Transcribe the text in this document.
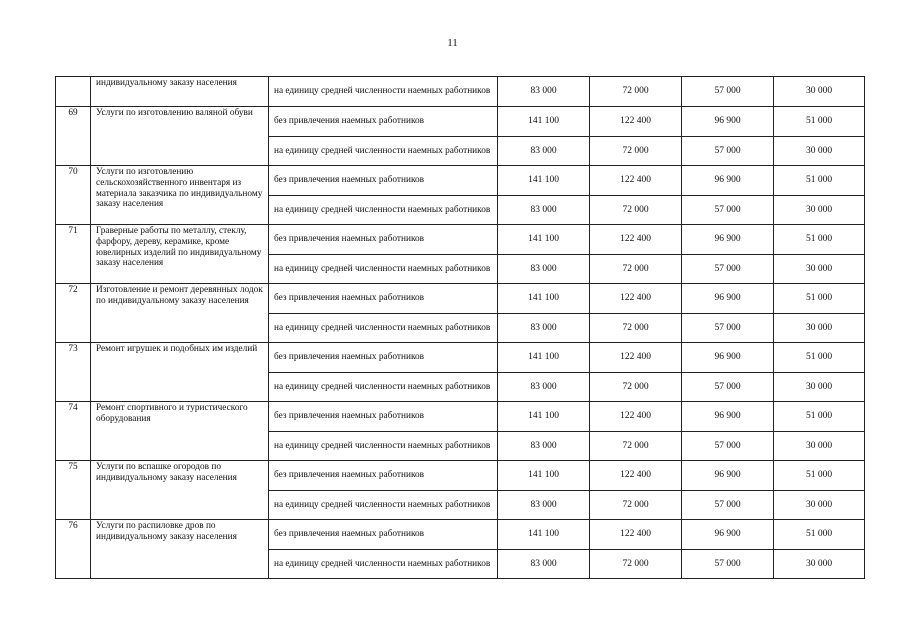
11
	индивидуальному заказу населения	на единицу средней численности наемных работников	83 000	72 000	57 000	30 000
69	Услуги по изготовлению валяной обуви	без привлечения наемных работников	141 100	122 400	96 900	51 000
		на единицу средней численности наемных работников	83 000	72 000	57 000	30 000
70	Услуги по изготовлению сельскохозяйственного инвентаря из материала заказчика по индивидуальному заказу населения	без привлечения наемных работников	141 100	122 400	96 900	51 000
		на единицу средней численности наемных работников	83 000	72 000	57 000	30 000
71	Граверные работы по металлу, стеклу, фарфору, дереву, керамике, кроме ювелирных изделий по индивидуальному заказу населения	без привлечения наемных работников	141 100	122 400	96 900	51 000
		на единицу средней численности наемных работников	83 000	72 000	57 000	30 000
72	Изготовление и ремонт деревянных лодок по индивидуальному заказу населения	без привлечения наемных работников	141 100	122 400	96 900	51 000
		на единицу средней численности наемных работников	83 000	72 000	57 000	30 000
73	Ремонт игрушек и подобных им изделий	без привлечения наемных работников	141 100	122 400	96 900	51 000
		на единицу средней численности наемных работников	83 000	72 000	57 000	30 000
74	Ремонт спортивного и туристического оборудования	без привлечения наемных работников	141 100	122 400	96 900	51 000
		на единицу средней численности наемных работников	83 000	72 000	57 000	30 000
75	Услуги по вспашке огородов по индивидуальному заказу населения	без привлечения наемных работников	141 100	122 400	96 900	51 000
		на единицу средней численности наемных работников	83 000	72 000	57 000	30 000
76	Услуги по распиловке дров по индивидуальному заказу населения	без привлечения наемных работников	141 100	122 400	96 900	51 000
		на единицу средней численности наемных работников	83 000	72 000	57 000	30 000
